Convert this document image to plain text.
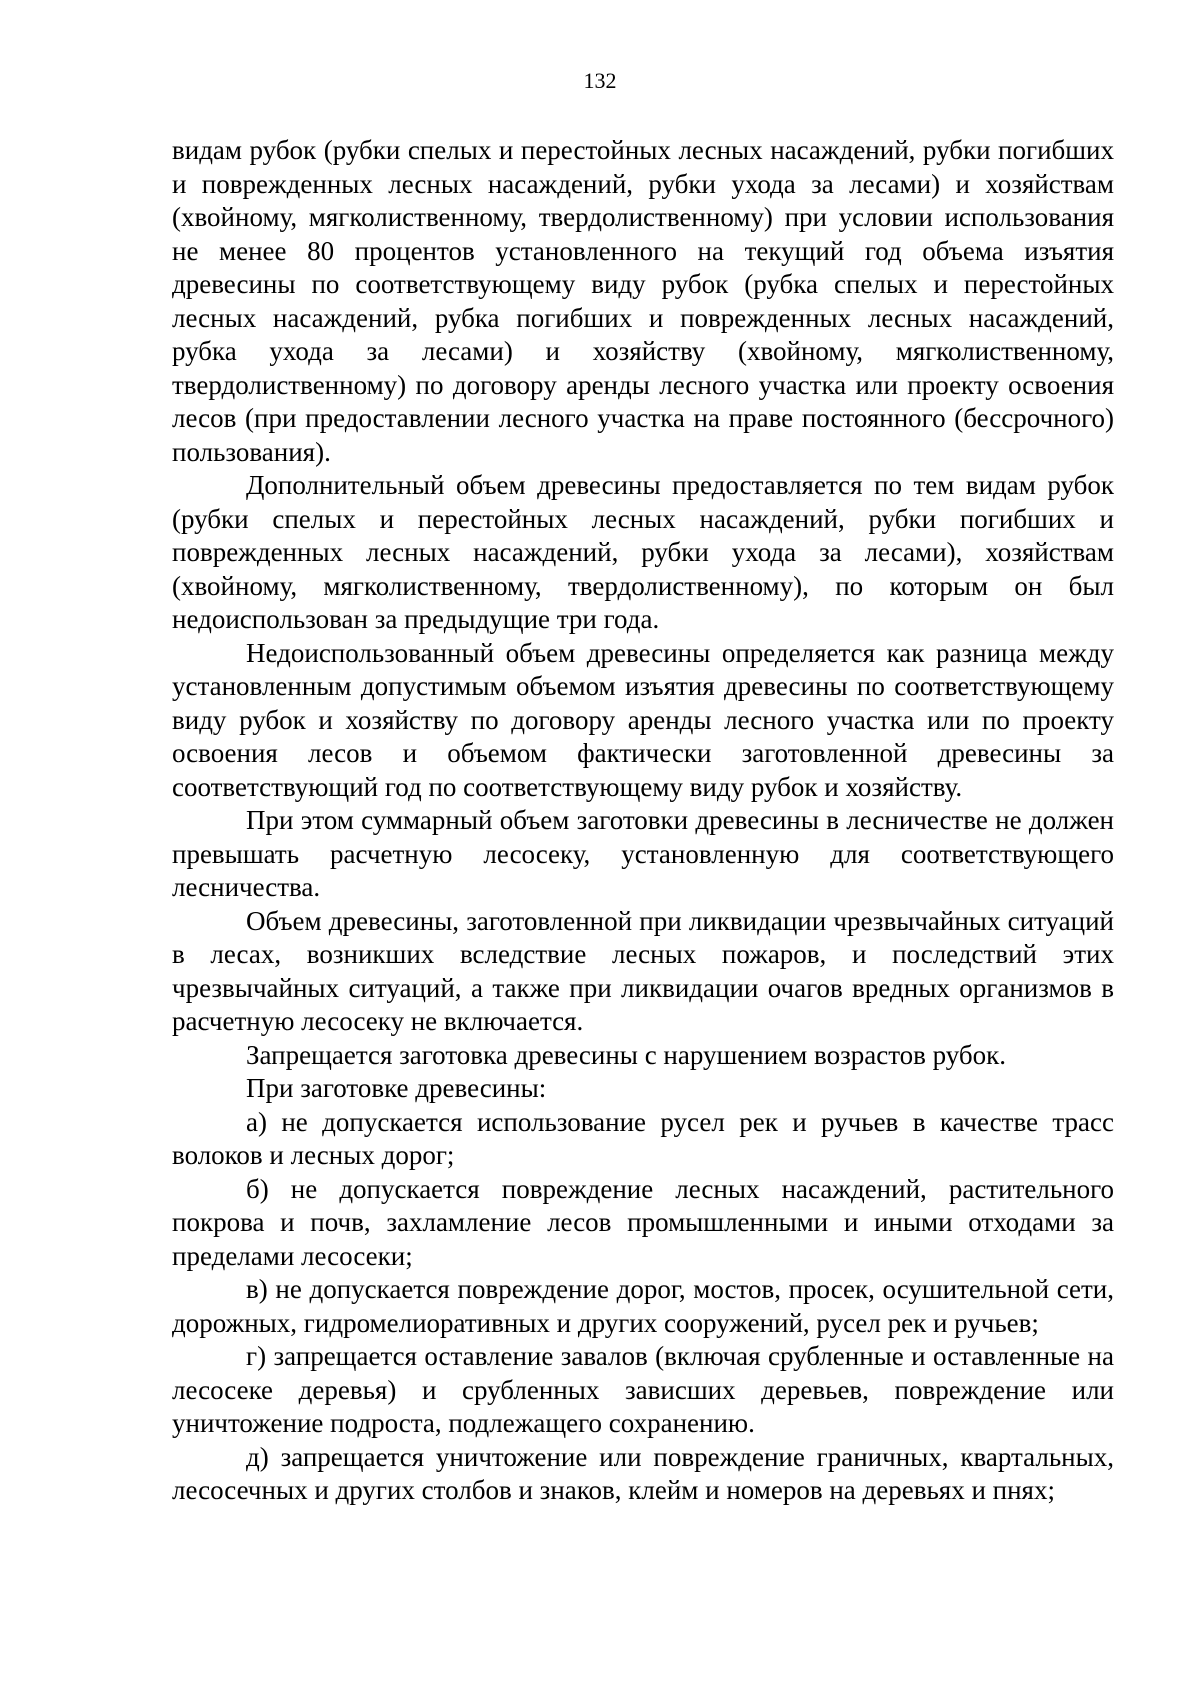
132

видам рубок (рубки спелых и перестойных лесных насаждений, рубки погибших и поврежденных лесных насаждений, рубки ухода за лесами) и хозяйствам (хвойному, мягколиственному, твердолиственному) при условии использования не менее 80 процентов установленного на текущий год объема изъятия древесины по соответствующему виду рубок (рубка спелых и перестойных лесных насаждений, рубка погибших и поврежденных лесных насаждений, рубка ухода за лесами) и хозяйству (хвойному, мягколиственному, твердолиственному) по договору аренды лесного участка или проекту освоения лесов (при предоставлении лесного участка на праве постоянного (бессрочного) пользования).

Дополнительный объем древесины предоставляется по тем видам рубок (рубки спелых и перестойных лесных насаждений, рубки погибших и поврежденных лесных насаждений, рубки ухода за лесами), хозяйствам (хвойному, мягколиственному, твердолиственному), по которым он был недоиспользован за предыдущие три года.

Недоиспользованный объем древесины определяется как разница между установленным допустимым объемом изъятия древесины по соответствующему виду рубок и хозяйству по договору аренды лесного участка или по проекту освоения лесов и объемом фактически заготовленной древесины за соответствующий год по соответствующему виду рубок и хозяйству.

При этом суммарный объем заготовки древесины в лесничестве не должен превышать расчетную лесосеку, установленную для соответствующего лесничества.

Объем древесины, заготовленной при ликвидации чрезвычайных ситуаций в лесах, возникших вследствие лесных пожаров, и последствий этих чрезвычайных ситуаций, а также при ликвидации очагов вредных организмов в расчетную лесосеку не включается.

Запрещается заготовка древесины с нарушением возрастов рубок.

При заготовке древесины:

а) не допускается использование русел рек и ручьев в качестве трасс волоков и лесных дорог;

б) не допускается повреждение лесных насаждений, растительного покрова и почв, захламление лесов промышленными и иными отходами за пределами лесосеки;

в) не допускается повреждение дорог, мостов, просек, осушительной сети, дорожных, гидромелиоративных и других сооружений, русел рек и ручьев;

г) запрещается оставление завалов (включая срубленные и оставленные на лесосеке деревья) и срубленных зависших деревьев, повреждение или уничтожение подроста, подлежащего сохранению.

д) запрещается уничтожение или повреждение граничных, квартальных, лесосечных и других столбов и знаков, клейм и номеров на деревьях и пнях;
